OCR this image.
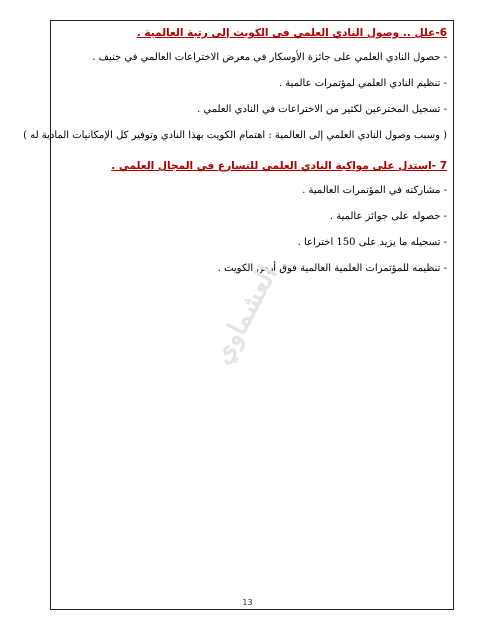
6-علل .. وصول النادي العلمي في الكويت إلى رتبة العالمية .

- حصول النادي العلمي على جائزة الأوسكار في معرض الاختراعات العالمي في جنيف .
- تنظيم النادي العلمي لمؤتمرات عالمية .
- تسجيل المخترعين لكثير من الاختراعات في النادي العلمي .
( وسبب وصول النادي العلمي إلى العالمية : اهتمام الكويت بهذا النادي وتوفير كل الإمكانيات المادية له )

7 -استدل على مواكبة النادي العلمي للتسارع في المجال العلمي .

- مشاركته في المؤتمرات العالمية .
- حصوله على جوائز عالمية .
- تسجيله ما يزيد على 150 اختراعا .
- تنظيمه للمؤتمرات العلمية العالمية فوق أرض الكويت .
العشماوي
13
